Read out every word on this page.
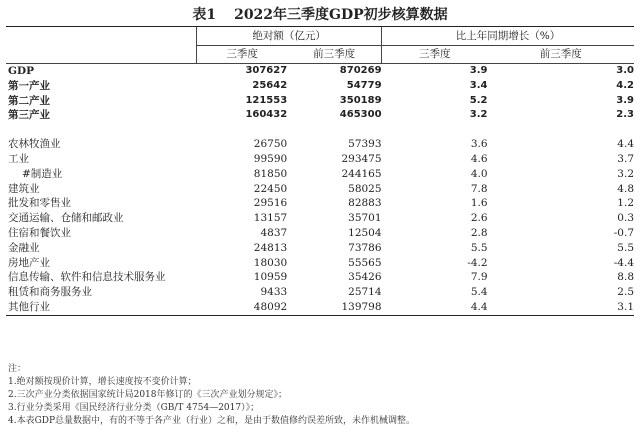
表1 2022年三季度GDP初步核算数据
	绝对额（亿元）		比上年同期增长（%）	
	三季度	前三季度	三季度	前三季度
GDP	307627	870269	3.9	3.0
第一产业	25642	54779	3.4	4.2
第二产业	121553	350189	5.2	3.9
第三产业	160432	465300	3.2	2.3

农林牧渔业	26750	57393	3.6	4.4
工业	99590	293475	4.6	3.7
#制造业	81850	244165	4.0	3.2
建筑业	22450	58025	7.8	4.8
批发和零售业	29516	82883	1.6	1.2
交通运输、仓储和邮政业	13157	35701	2.6	0.3
住宿和餐饮业	4837	12504	2.8	-0.7
金融业	24813	73786	5.5	5.5
房地产业	18030	55565	-4.2	-4.4
信息传输、软件和信息技术服务业	10959	35426	7.9	8.8
租赁和商务服务业	9433	25714	5.4	2.5
其他行业	48092	139798	4.4	3.1
注：
1.绝对额按现价计算，增长速度按不变价计算；
2.三次产业分类依据国家统计局2018年修订的《三次产业划分规定》；
3.行业分类采用《国民经济行业分类（GB/T 4754—2017）》；
4.本表GDP总量数据中，有的不等于各产业（行业）之和，是由于数值修约误差所致，未作机械调整。
